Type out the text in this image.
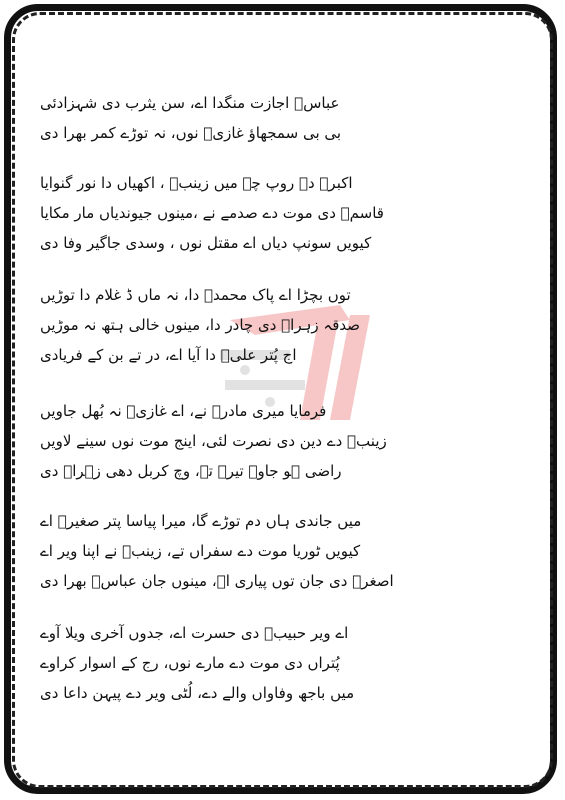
عباسؑ اجازت منگدا اے، سن یثرب دی شہزادئی
بی بی سمجھاؤ غازیؑ نوں، نہ توڑے کمر بھرا دی
اکبرؑ دے روپ چہ میں زینبؑ ، اکھیاں دا نور گنوایا
قاسمؑ دی موت دے صدمے نے ،مینوں جیوندیاں مار مکایا
کیویں سونپ دیاں اے مقتل نوں ، وسدی جاگیر وفا دی
توں بچڑا اے پاک محمدؐ دا، نہ ماں ڈ غلام دا توڑیں
صدقہ زہراؑ دی چادر دا، مینوں خالی ہتھ نہ موڑیں
اج پُتر علیؑ دا آیا اے، در تے بن کے فریادی
فرمایا میری مادرؑ نے، اے غازیؑ نہ بُھل جاویں
زینبؑ دے دین دی نصرت لئی، اینج موت نوں سینے لاویں
راضی ہو جاوے تیرے تے، وچ کربل دھی زہراؑ دی
میں جاندی ہاں دم توڑے گا، میرا پیاسا پتر صغیرؑ اے
کیویں ٹوریا موت دے سفراں تے، زینبؑ نے اپنا ویر اے
اصغرؑ دی جان توں پیاری اے، مینوں جان عباسؑ بھرا دی
اے ویر حبیبؔ دی حسرت اے، جدوں آخری ویلا آوے
پُتراں دی موت دے مارے نوں، رج کے اسوار کراوے
میں باجھ وفاواں والے دے، لُٹی ویر دے پیہن داعا دی
